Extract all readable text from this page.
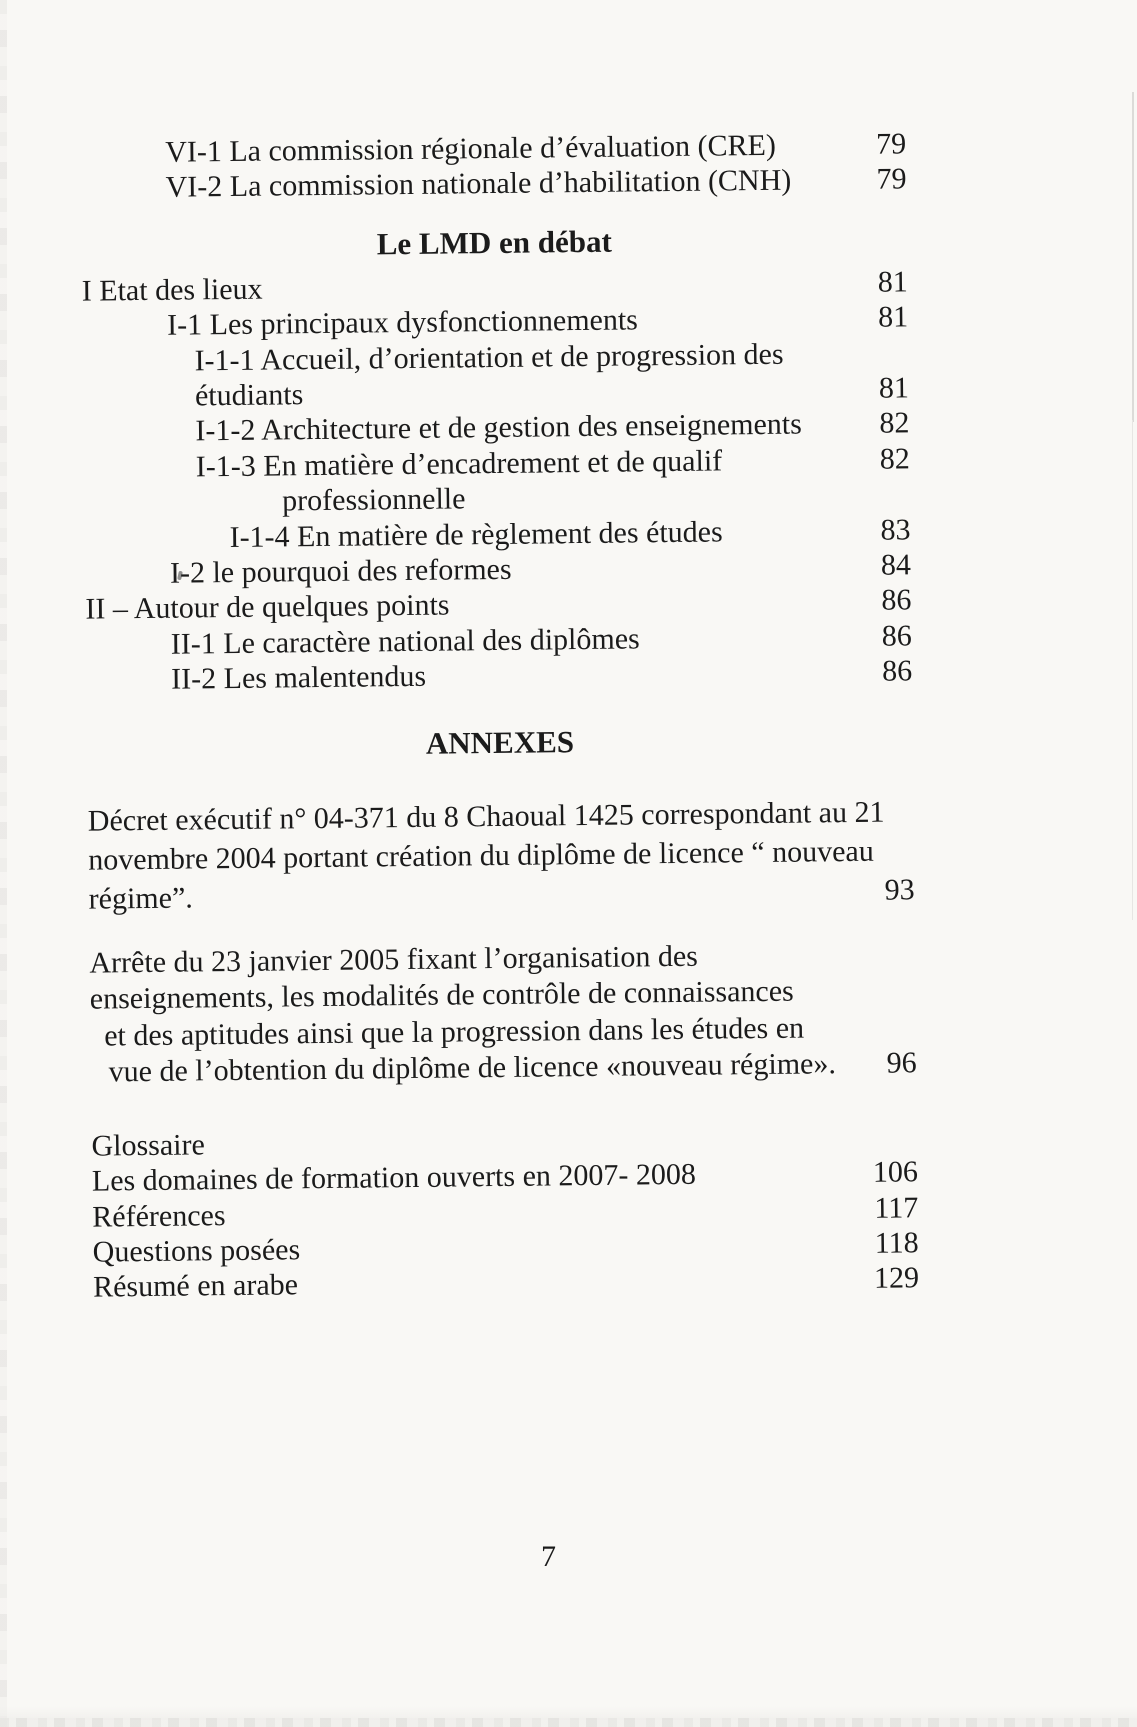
VI-1 La commission régionale d’évaluation (CRE)	79
VI-2 La commission nationale d’habilitation (CNH)	79
Le LMD en débat
I Etat des lieux	81
I-1 Les principaux dysfonctionnements	81
I-1-1 Accueil, d’orientation et de progression des
étudiants	81
I-1-2 Architecture et de gestion des enseignements	82
I-1-3 En matière d’encadrement et de qualif	82
professionnelle
I-1-4 En matière de règlement des études	83
I-2 le pourquoi des reformes	84
II – Autour de quelques points	86
II-1 Le caractère national des diplômes	86
II-2 Les malentendus	86
ANNEXES
Décret exécutif n° 04-371 du 8 Chaoual 1425 correspondant au 21
novembre 2004 portant création du diplôme de licence “ nouveau
régime”.	93
Arrête du 23 janvier 2005 fixant l’organisation des
enseignements, les modalités de contrôle de connaissances
et des aptitudes ainsi que la progression dans les études en
vue de l’obtention du diplôme de licence «nouveau régime». 96
Glossaire
Les domaines de formation ouverts en 2007- 2008	106
Références	117
Questions posées	118
Résumé en arabe	129
7
